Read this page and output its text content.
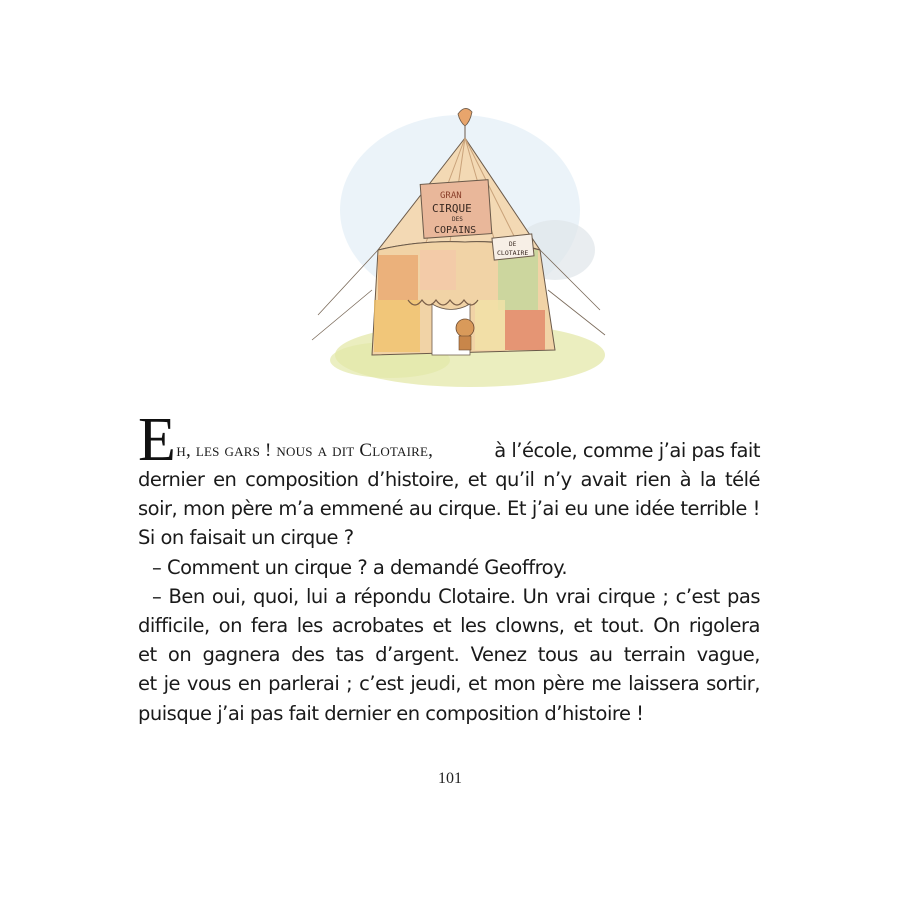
GRAN
CIRQUE
DES
COPAINS
DE
CLOTAIRE
E h, les gars ! nous a dit Clotaire,	à l’école, comme j’ai pas fait
dernier en composition d’histoire, et qu’il n’y avait rien à la télé
soir, mon père m’a emmené au cirque. Et j’ai eu une idée terrible !
Si on faisait un cirque ?
– Comment un cirque ? a demandé Geoffroy.
– Ben oui, quoi, lui a répondu Clotaire. Un vrai cirque ; c’est pas
difficile, on fera les acrobates et les clowns, et tout. On rigolera
et on gagnera des tas d’argent. Venez tous au terrain vague,
et je vous en parlerai ; c’est jeudi, et mon père me laissera sortir,
puisque j’ai pas fait dernier en composition d’histoire !
101
